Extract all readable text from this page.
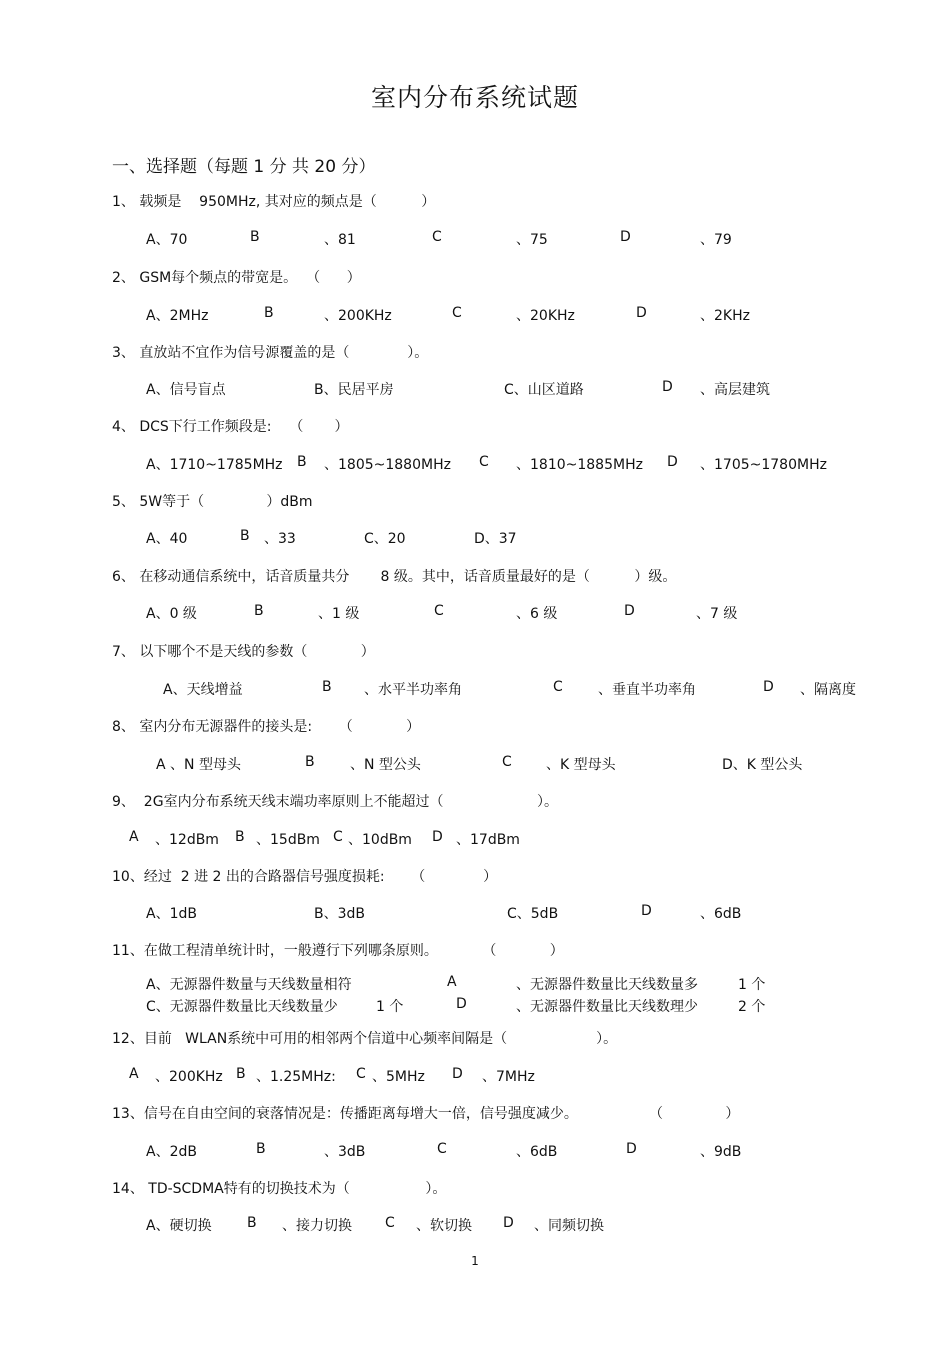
室内分布系统试题
一、选择题（每题 1 分 共 20 分）
1、 载频是    950MHz, 其对应的频点是（          ）
A、70	B	、81	C	、75	D	、79
2、 GSM每个频点的带宽是。  （      ）
A、2MHz	B	、200KHz	C	、20KHz	D	、2KHz
3、 直放站不宜作为信号源覆盖的是（             ）。
A、信号盲点	B、民居平房	C、山区道路	D 、高层建筑
4、 DCS下行工作频段是:    （       ）
A、1710~1785MHz B 、1805~1880MHz C 、1810~1885MHz D 、1705~1780MHz
5、 5W等于（              ）dBm
A、40	B 、33	C、20	D、37
6、 在移动通信系统中，话音质量共分       8 级。其中，话音质量最好的是（          ）级。
A、0 级	B	、1 级	C	、6 级	D	、7 级
7、 以下哪个不是天线的参数（            ）
A、天线增益	B 、水平半功率角	C	、垂直半功率角	D 、隔离度
8、 室内分布无源器件的接头是:      （            ）
A 、N 型母头	B	、N 型公头	C 、K 型母头	D、K 型公头
9、  2G室内分布系统天线末端功率原则上不能超过（                     ）。
A 、12dBm B 、15dBm C 、10dBm D 、17dBm
10、经过  2 进 2 出的合路器信号强度损耗:      （             ）
A、1dB	B、3dB	C、5dB	D	、6dB
11、在做工程清单统计时，一般遵行下列哪条原则。          （            ）
A、无源器件数量与天线数量相符	A	、无源器件数量比天线数量多	1 个
C、无源器件数量比天线数量少	1 个	D	、无源器件数量比天线数理少	2 个
12、目前   WLAN系统中可用的相邻两个信道中心频率间隔是（                    ）。
A 、200KHz B 、1.25MHz: C 、5MHz D 、7MHz
13、信号在自由空间的衰落情况是：传播距离每增大一倍，信号强度减少。                （              ）
A、2dB	B	、3dB	C	、6dB	D	、9dB
14、 TD-SCDMA特有的切换技术为（                 ）。
A、硬切换	B 、接力切换 C 、软切换 D 、同频切换
1
